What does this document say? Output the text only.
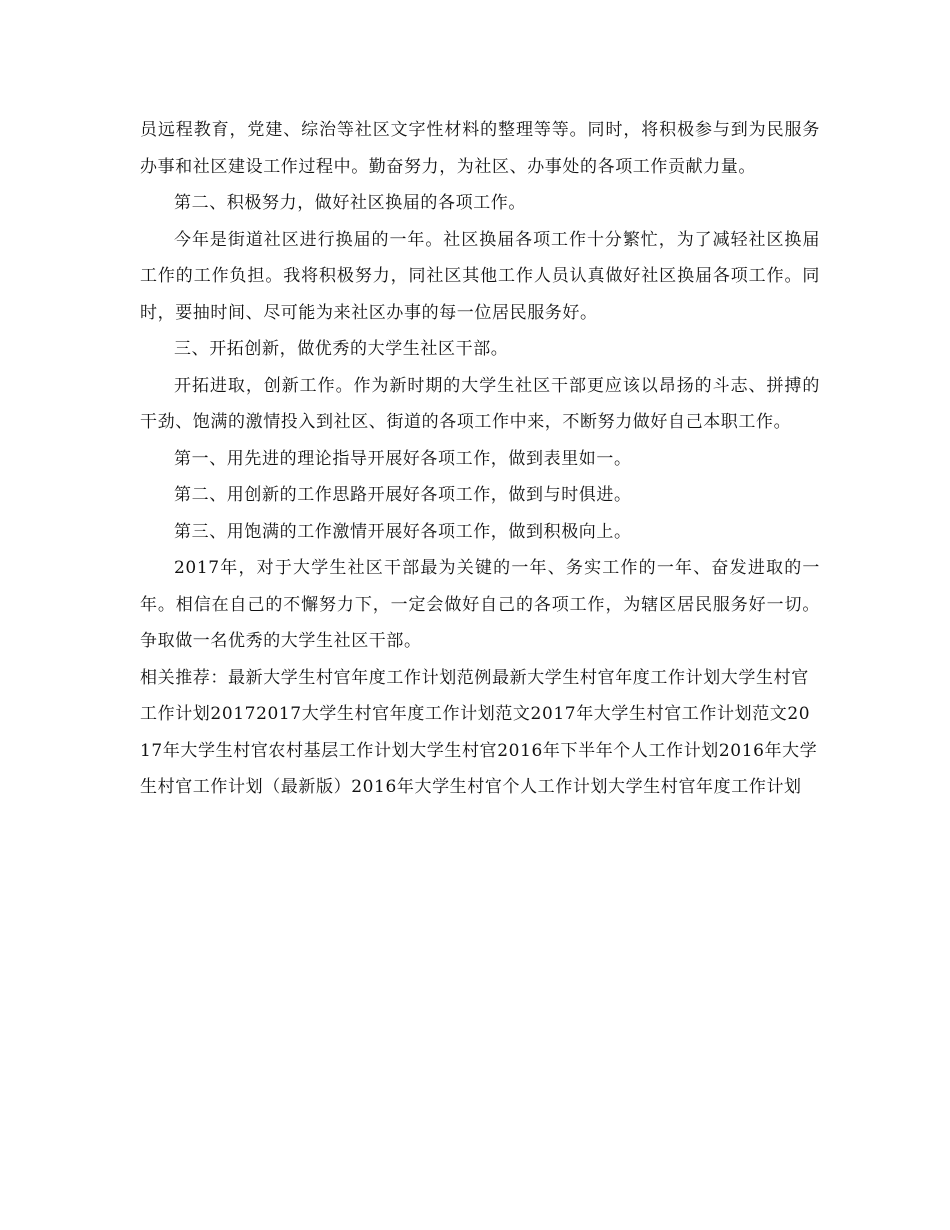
员远程教育，党建、综治等社区文字性材料的整理等等。同时，将积极参与到为民服务办事和社区建设工作过程中。勤奋努力，为社区、办事处的各项工作贡献力量。

第二、积极努力，做好社区换届的各项工作。

今年是街道社区进行换届的一年。社区换届各项工作十分繁忙，为了减轻社区换届工作的工作负担。我将积极努力，同社区其他工作人员认真做好社区换届各项工作。同时，要抽时间、尽可能为来社区办事的每一位居民服务好。

三、开拓创新，做优秀的大学生社区干部。

开拓进取，创新工作。作为新时期的大学生社区干部更应该以昂扬的斗志、拼搏的干劲、饱满的激情投入到社区、街道的各项工作中来，不断努力做好自己本职工作。

第一、用先进的理论指导开展好各项工作，做到表里如一。

第二、用创新的工作思路开展好各项工作，做到与时俱进。

第三、用饱满的工作激情开展好各项工作，做到积极向上。

2017年，对于大学生社区干部最为关键的一年、务实工作的一年、奋发进取的一年。相信在自己的不懈努力下，一定会做好自己的各项工作，为辖区居民服务好一切。争取做一名优秀的大学生社区干部。

相关推荐：最新大学生村官年度工作计划范例最新大学生村官年度工作计划大学生村官工作计划20172017大学生村官年度工作计划范文2017年大学生村官工作计划范文2017年大学生村官农村基层工作计划大学生村官2016年下半年个人工作计划2016年大学生村官工作计划（最新版）2016年大学生村官个人工作计划大学生村官年度工作计划
